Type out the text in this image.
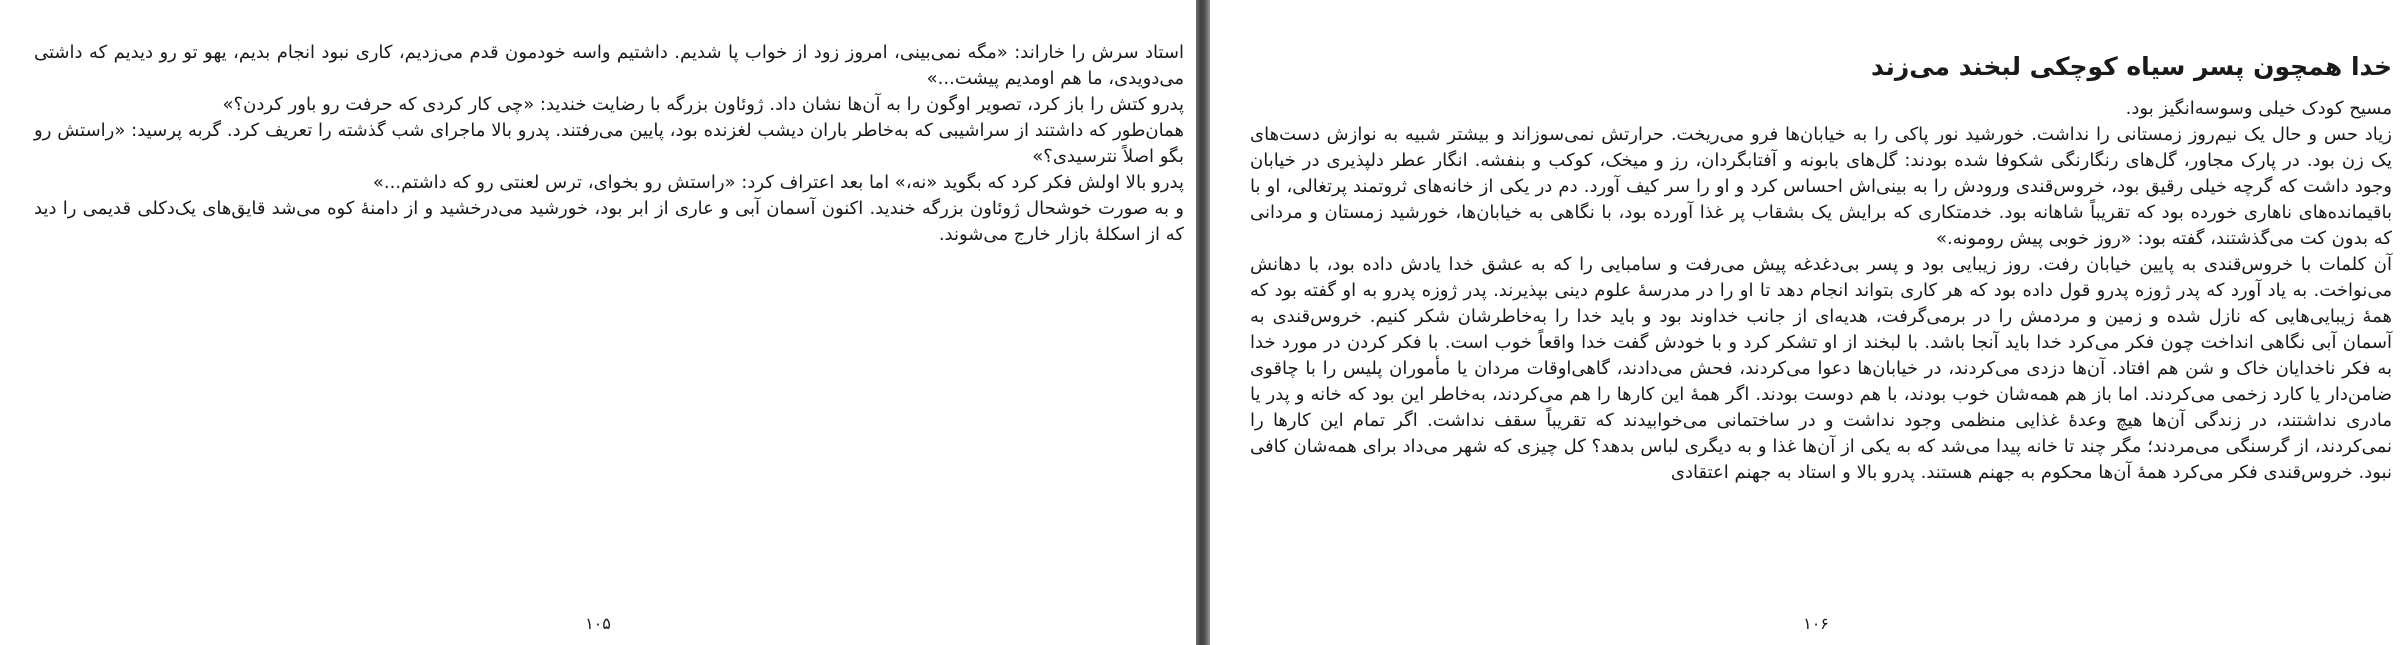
استاد سرش را خاراند: «مگه نمی‌بینی، امروز زود از خواب پا شدیم. داشتیم واسه خودمون قدم می‌زدیم، کاری نبود انجام بدیم، یهو تو رو دیدیم که داشتی می‌دویدی، ما هم اومدیم پیشت...»

پدرو کتش را باز کرد، تصویر اوگون را به آن‌ها نشان داد. ژوئاون بزرگه با رضایت خندید: «چی کار کردی که حرفت رو باور کردن؟»

همان‌طور که داشتند از سراشیبی که به‌خاطر باران دیشب لغزنده بود، پایین می‌رفتند. پدرو بالا ماجرای شب گذشته را تعریف کرد. گربه پرسید: «راستش رو بگو اصلاً نترسیدی؟»

پدرو بالا اولش فکر کرد که بگوید «نه،» اما بعد اعتراف کرد: «راستش رو بخوای، ترس لعنتی رو که داشتم...»

و به صورت خوشحال ژوئاون بزرگه خندید. اکنون آسمان آبی و عاری از ابر بود، خورشید می‌درخشید و از دامنهٔ کوه می‌شد قایق‌های یک‌دکلی قدیمی را دید که از اسکلهٔ بازار خارج می‌شوند.

۱۰۵
خدا همچون پسر سیاه کوچکی لبخند می‌زند

مسیح کودک خیلی وسوسه‌انگیز بود.

زیاد حس و حال یک نیم‌روز زمستانی را نداشت. خورشید نور پاکی را به خیابان‌ها فرو می‌ریخت. حرارتش نمی‌سوزاند و بیشتر شبیه به نوازش دست‌های یک زن بود. در پارک مجاور، گل‌های رنگارنگی شکوفا شده بودند: گل‌های بابونه و آفتابگردان، رز و میخک، کوکب و بنفشه. انگار عطر دلپذیری در خیابان وجود داشت که گرچه خیلی رقیق بود، خروس‌قندی ورودش را به بینی‌اش احساس کرد و او را سر کیف آورد. دم در یکی از خانه‌های ثروتمند پرتغالی، او با باقیمانده‌های ناهاری خورده بود که تقریباً شاهانه بود. خدمتکاری که برایش یک بشقاب پر غذا آورده بود، با نگاهی به خیابان‌ها، خورشید زمستان و مردانی که بدون کت می‌گذشتند، گفته بود: «روز خوبی پیش رومونه.»

آن کلمات با خروس‌قندی به پایین خیابان رفت. روز زیبایی بود و پسر بی‌دغدغه پیش می‌رفت و سامبایی را که به عشق خدا یادش داده بود، با دهانش می‌نواخت. به یاد آورد که پدر ژوزه پدرو قول داده بود که هر کاری بتواند انجام دهد تا او را در مدرسهٔ علوم دینی بپذیرند. پدر ژوزه پدرو به او گفته بود که همهٔ زیبایی‌هایی که نازل شده و زمین و مردمش را در برمی‌گرفت، هدیه‌ای از جانب خداوند بود و باید خدا را به‌خاطرشان شکر کنیم. خروس‌قندی به آسمان آبی نگاهی انداخت چون فکر می‌کرد خدا باید آنجا باشد. با لبخند از او تشکر کرد و با خودش گفت خدا واقعاً خوب است. با فکر کردن در مورد خدا به فکر ناخدایان خاک و شن هم افتاد. آن‌ها دزدی می‌کردند، در خیابان‌ها دعوا می‌کردند، فحش می‌دادند، گاهی‌اوقات مردان یا مأموران پلیس را با چاقوی ضامن‌دار یا کارد زخمی می‌کردند. اما باز هم همه‌شان خوب بودند، با هم دوست بودند. اگر همهٔ این کارها را هم می‌کردند، به‌خاطر این بود که خانه و پدر یا مادری نداشتند، در زندگی آن‌ها هیچ وعدهٔ غذایی منظمی وجود نداشت و در ساختمانی می‌خوابیدند که تقریباً سقف نداشت. اگر تمام این کارها را نمی‌کردند، از گرسنگی می‌مردند؛ مگر چند تا خانه پیدا می‌شد که به یکی از آن‌ها غذا و به دیگری لباس بدهد؟ کل چیزی که شهر می‌داد برای همه‌شان کافی نبود. خروس‌قندی فکر می‌کرد همهٔ آن‌ها محکوم به جهنم هستند. پدرو بالا و استاد به جهنم اعتقادی

۱۰۶
